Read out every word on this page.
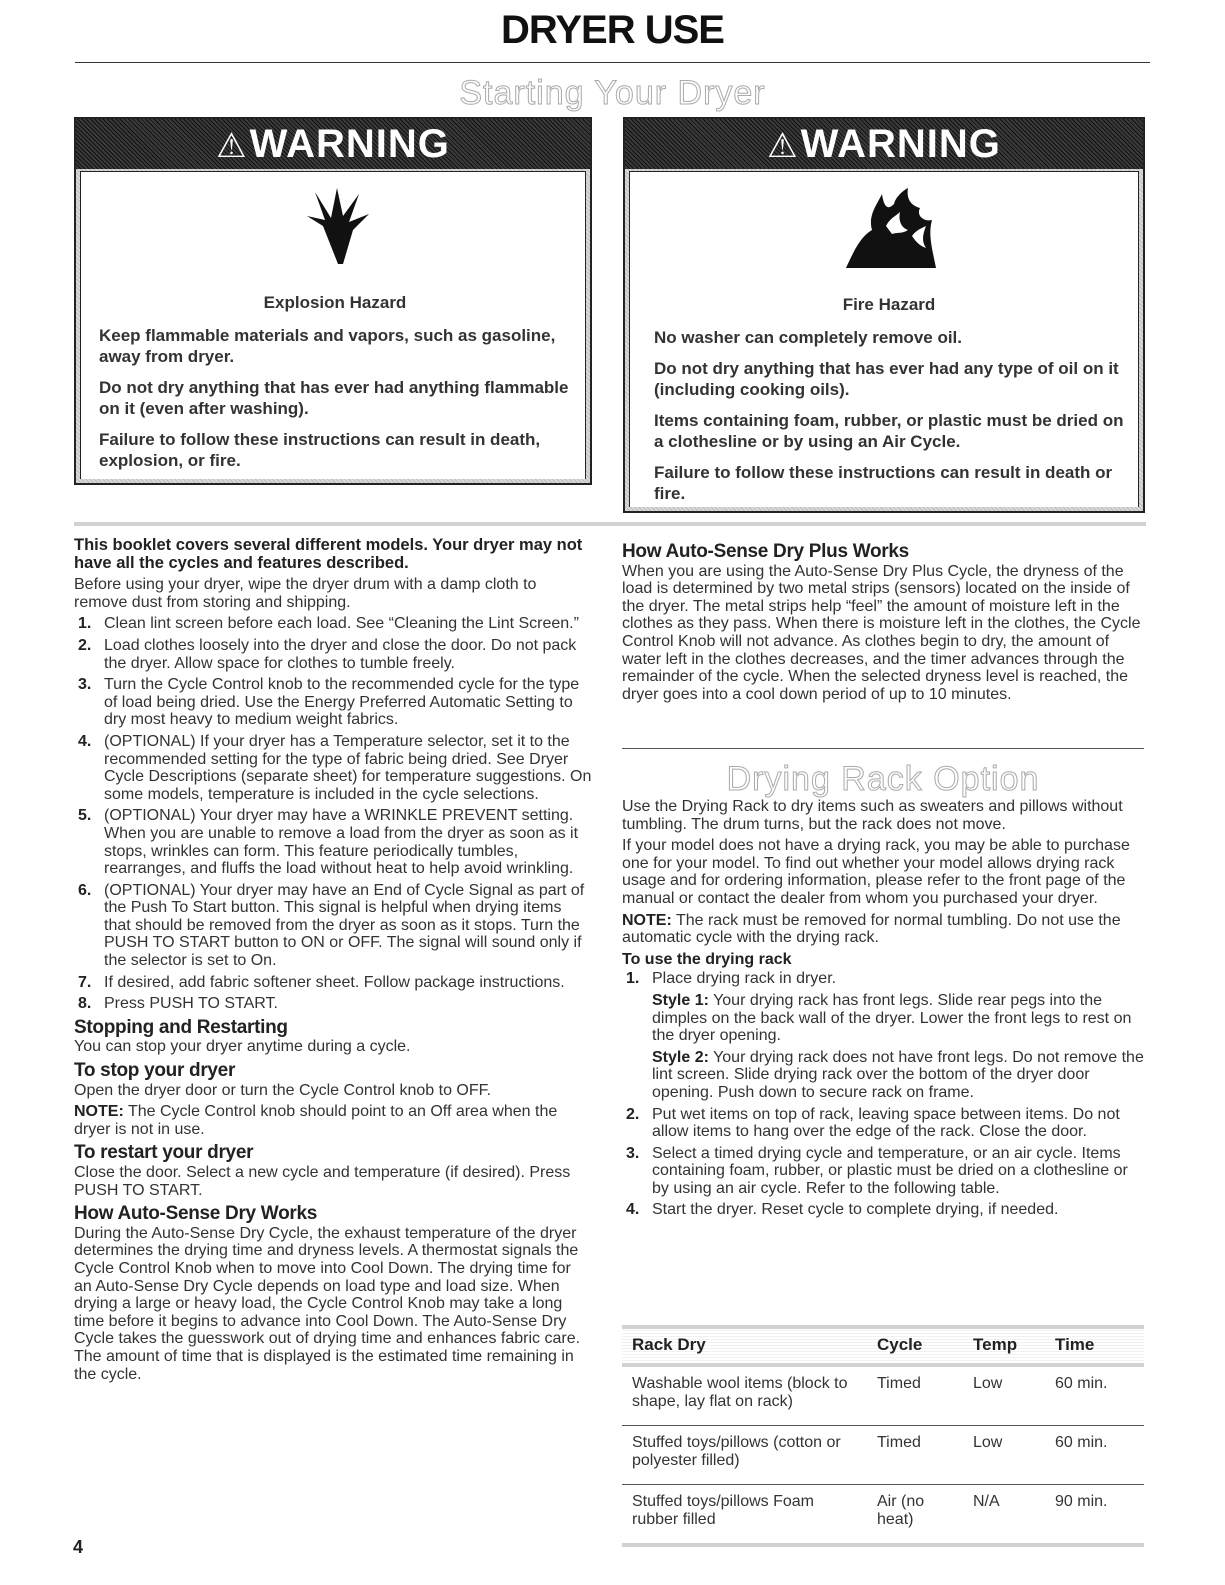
DRYER USE
Starting Your Dryer
⚠WARNING
Explosion Hazard
Keep flammable materials and vapors, such as gasoline, away from dryer.
Do not dry anything that has ever had anything flammable on it (even after washing).
Failure to follow these instructions can result in death, explosion, or fire.
⚠WARNING
Fire Hazard
No washer can completely remove oil.
Do not dry anything that has ever had any type of oil on it (including cooking oils).
Items containing foam, rubber, or plastic must be dried on a clothesline or by using an Air Cycle.
Failure to follow these instructions can result in death or fire.

This booklet covers several different models. Your dryer may not have all the cycles and features described.

Before using your dryer, wipe the dryer drum with a damp cloth to remove dust from storing and shipping.

1. Clean lint screen before each load. See “Cleaning the Lint Screen.”
2. Load clothes loosely into the dryer and close the door. Do not pack the dryer. Allow space for clothes to tumble freely.
3. Turn the Cycle Control knob to the recommended cycle for the type of load being dried. Use the Energy Preferred Automatic Setting to dry most heavy to medium weight fabrics.
4. (OPTIONAL) If your dryer has a Temperature selector, set it to the recommended setting for the type of fabric being dried. See Dryer Cycle Descriptions (separate sheet) for temperature suggestions. On some models, temperature is included in the cycle selections.
5. (OPTIONAL) Your dryer may have a WRINKLE PREVENT setting. When you are unable to remove a load from the dryer as soon as it stops, wrinkles can form. This feature periodically tumbles, rearranges, and fluffs the load without heat to help avoid wrinkling.
6. (OPTIONAL) Your dryer may have an End of Cycle Signal as part of the Push To Start button. This signal is helpful when drying items that should be removed from the dryer as soon as it stops. Turn the PUSH TO START button to ON or OFF. The signal will sound only if the selector is set to On.
7. If desired, add fabric softener sheet. Follow package instructions.
8. Press PUSH TO START.
Stopping and Restarting

You can stop your dryer anytime during a cycle.

To stop your dryer

Open the dryer door or turn the Cycle Control knob to OFF.

NOTE: The Cycle Control knob should point to an Off area when the dryer is not in use.

To restart your dryer

Close the door. Select a new cycle and temperature (if desired). Press PUSH TO START.

How Auto-Sense Dry Works

During the Auto-Sense Dry Cycle, the exhaust temperature of the dryer determines the drying time and dryness levels. A thermostat signals the Cycle Control Knob when to move into Cool Down. The drying time for an Auto-Sense Dry Cycle depends on load type and load size. When drying a large or heavy load, the Cycle Control Knob may take a long time before it begins to advance into Cool Down. The Auto-Sense Dry Cycle takes the guesswork out of drying time and enhances fabric care. The amount of time that is displayed is the estimated time remaining in the cycle.

How Auto-Sense Dry Plus Works

When you are using the Auto-Sense Dry Plus Cycle, the dryness of the load is determined by two metal strips (sensors) located on the inside of the dryer. The metal strips help “feel” the amount of moisture left in the clothes as they pass. When there is moisture left in the clothes, the Cycle Control Knob will not advance. As clothes begin to dry, the amount of water left in the clothes decreases, and the timer advances through the remainder of the cycle. When the selected dryness level is reached, the dryer goes into a cool down period of up to 10 minutes.

Drying Rack Option

Use the Drying Rack to dry items such as sweaters and pillows without tumbling. The drum turns, but the rack does not move.

If your model does not have a drying rack, you may be able to purchase one for your model. To find out whether your model allows drying rack usage and for ordering information, please refer to the front page of the manual or contact the dealer from whom you purchased your dryer.

NOTE: The rack must be removed for normal tumbling. Do not use the automatic cycle with the drying rack.

To use the drying rack
1. Place drying rack in dryer.

Style 1: Your drying rack has front legs. Slide rear pegs into the dimples on the back wall of the dryer. Lower the front legs to rest on the dryer opening.

Style 2: Your drying rack does not have front legs. Do not remove the lint screen. Slide drying rack over the bottom of the dryer door opening. Push down to secure rack on frame.

2. Put wet items on top of rack, leaving space between items. Do not allow items to hang over the edge of the rack. Close the door.
3. Select a timed drying cycle and temperature, or an air cycle. Items containing foam, rubber, or plastic must be dried on a clothesline or by using an air cycle. Refer to the following table.
4. Start the dryer. Reset cycle to complete drying, if needed.
Rack Dry	Cycle	Temp	Time
Washable wool items (block to shape, lay flat on rack)	Timed	Low	60 min.
Stuffed toys/pillows (cotton or polyester filled)	Timed	Low	60 min.
Stuffed toys/pillows Foam rubber filled	Air (no heat)	N/A	90 min.
4
